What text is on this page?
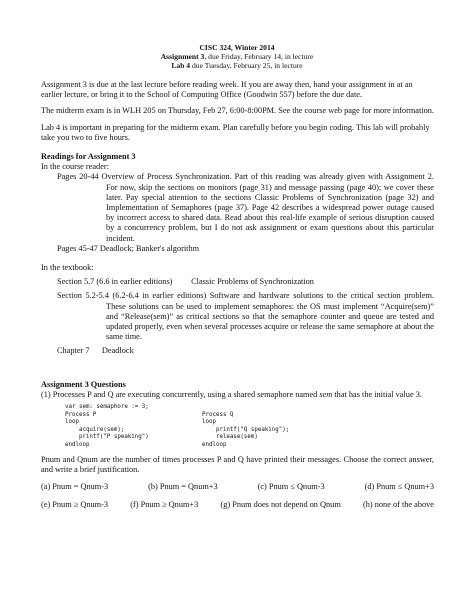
CISC 324, Winter 2014
Assignment 3, due Friday, February 14, in lecture
Lab 4 due Tuesday, February 25, in lecture

Assignment 3 is due at the last lecture before reading week. If you are away then, hand your assignment in at an earlier lecture, or bring it to the School of Computing Office (Goodwin 557) before the due date.

The midterm exam is in WLH 205 on Thursday, Feb 27, 6:00-8:00PM. See the course web page for more information.

Lab 4 is important in preparing for the midterm exam. Plan carefully before you begin coding. This lab will probably take you two to five hours.

Readings for Assignment 3

In the course reader:

Pages 20-44 Overview of Process Synchronization. Part of this reading was already given with Assignment 2. For now, skip the sections on monitors (page 31) and message passing (page 40); we cover these later. Pay special attention to the sections Classic Problems of Synchronization (page 32) and Implementation of Semaphores (page 37). Page 42 describes a widespread power outage caused by incorrect access to shared data. Read about this real-life example of serious disruption caused by a concurrency problem, but I do not ask assignment or exam questions about this particular incident.

Pages 45-47 Deadlock; Banker's algorithm

In the textbook:

Section 5.7 (6.6 in earlier editions)         Classic Problems of Synchronization

Section 5.2-5.4 (6.2-6.4 in earlier editions) Software and hardware solutions to the critical section problem. These solutions can be used to implement semaphores: the OS must implement “Acquire(sem)” and “Release(sem)” as critical sections so that the semaphore counter and queue are tested and updated properly, even when several processes acquire or release the same semaphore at about the same time.

Chapter 7      Deadlock

Assignment 3 Questions

(1) Processes P and Q are executing concurrently, using a shared semaphore named sem that has the initial value 3.

var sem: semaphore := 3;
Process P
loop
acquire(sem);
printf("P speaking")
endloop
Process Q
loop
printf("Q speaking");
release(sem)
endloop

Pnum and Qnum are the number of times processes P and Q have printed their messages. Choose the correct answer, and write a brief justification.

(a) Pnum = Qnum-3	(b) Pnum = Qnum+3	(c) Pnum ≤ Qnum-3	(d) Pnum ≤ Qnum+3
(e) Pnum ≥ Qnum-3	(f) Pnum ≥ Qnum+3	(g) Pnum does not depend on Qnum	(h) none of the above
